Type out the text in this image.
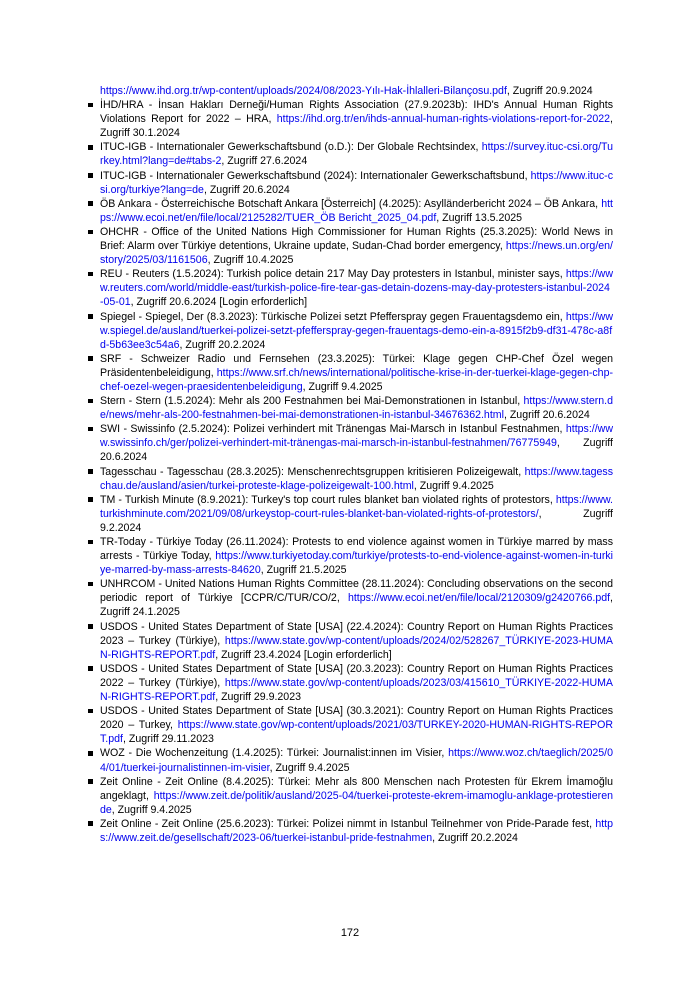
https://www.ihd.org.tr/wp-content/uploads/2024/08/2023-Yılı-Hak-İhlalleri-Bilançosu.pdf, Zugriff 20.9.2024
İHD/HRA - İnsan Hakları Derneği/Human Rights Association (27.9.2023b): IHD's Annual Human Rights Violations Report for 2022 – HRA, https://ihd.org.tr/en/ihds-annual-human-rights-violations-report-for-2022, Zugriff 30.1.2024
ITUC-IGB - Internationaler Gewerkschaftsbund (o.D.): Der Globale Rechtsindex, https://survey.ituc-csi.org/Turkey.html?lang=de#tabs-2, Zugriff 27.6.2024
ITUC-IGB - Internationaler Gewerkschaftsbund (2024): Internationaler Gewerkschaftsbund, https://www.ituc-csi.org/turkiye?lang=de, Zugriff 20.6.2024
ÖB Ankara - Österreichische Botschaft Ankara [Österreich] (4.2025): Asylländerbericht 2024 – ÖB Ankara, https://www.ecoi.net/en/file/local/2125282/TUER_ÖB Bericht_2025_04.pdf, Zugriff 13.5.2025
OHCHR - Office of the United Nations High Commissioner for Human Rights (25.3.2025): World News in Brief: Alarm over Türkiye detentions, Ukraine update, Sudan-Chad border emergency, https://news.un.org/en/story/2025/03/1161506, Zugriff 10.4.2025
REU - Reuters (1.5.2024): Turkish police detain 217 May Day protesters in Istanbul, minister says, https://www.reuters.com/world/middle-east/turkish-police-fire-tear-gas-detain-dozens-may-day-protesters-istanbul-2024-05-01, Zugriff 20.6.2024 [Login erforderlich]
Spiegel - Spiegel, Der (8.3.2023): Türkische Polizei setzt Pfefferspray gegen Frauentagsdemo ein, https://www.spiegel.de/ausland/tuerkei-polizei-setzt-pfefferspray-gegen-frauentags-demo-ein-a-8915f2b9-df31-478c-a8fd-5b63ee3c54a6, Zugriff 20.2.2024
SRF - Schweizer Radio und Fernsehen (23.3.2025): Türkei: Klage gegen CHP-Chef Özel wegen Präsidentenbeleidigung, https://www.srf.ch/news/international/politische-krise-in-der-tuerkei-klage-gegen-chp-chef-oezel-wegen-praesidentenbeleidigung, Zugriff 9.4.2025
Stern - Stern (1.5.2024): Mehr als 200 Festnahmen bei Mai-Demonstrationen in Istanbul, https://www.stern.de/news/mehr-als-200-festnahmen-bei-mai-demonstrationen-in-istanbul-34676362.html, Zugriff 20.6.2024
SWI - Swissinfo (2.5.2024): Polizei verhindert mit Tränengas Mai-Marsch in Istanbul Festnahmen, https://www.swissinfo.ch/ger/polizei-verhindert-mit-tränengas-mai-marsch-in-istanbul-festnahmen/76775949, Zugriff 20.6.2024
Tagesschau - Tagesschau (28.3.2025): Menschenrechtsgruppen kritisieren Polizeigewalt, https://www.tagesschau.de/ausland/asien/turkei-proteste-klage-polizeigewalt-100.html, Zugriff 9.4.2025
TM - Turkish Minute (8.9.2021): Turkey's top court rules blanket ban violated rights of protestors, https://www.turkishminute.com/2021/09/08/urkeystop-court-rules-blanket-ban-violated-rights-of-protestors/, Zugriff 9.2.2024
TR-Today - Türkiye Today (26.11.2024): Protests to end violence against women in Türkiye marred by mass arrests - Türkiye Today, https://www.turkiyetoday.com/turkiye/protests-to-end-violence-against-women-in-turkiye-marred-by-mass-arrests-84620, Zugriff 21.5.2025
UNHRCOM - United Nations Human Rights Committee (28.11.2024): Concluding observations on the second periodic report of Türkiye [CCPR/C/TUR/CO/2, https://www.ecoi.net/en/file/local/2120309/g2420766.pdf, Zugriff 24.1.2025
USDOS - United States Department of State [USA] (22.4.2024): Country Report on Human Rights Practices 2023 – Turkey (Türkiye), https://www.state.gov/wp-content/uploads/2024/02/528267_TÜRKIYE-2023-HUMAN-RIGHTS-REPORT.pdf, Zugriff 23.4.2024 [Login erforderlich]
USDOS - United States Department of State [USA] (20.3.2023): Country Report on Human Rights Practices 2022 – Turkey (Türkiye), https://www.state.gov/wp-content/uploads/2023/03/415610_TÜRKIYE-2022-HUMAN-RIGHTS-REPORT.pdf, Zugriff 29.9.2023
USDOS - United States Department of State [USA] (30.3.2021): Country Report on Human Rights Practices 2020 – Turkey, https://www.state.gov/wp-content/uploads/2021/03/TURKEY-2020-HUMAN-RIGHTS-REPORT.pdf, Zugriff 29.11.2023
WOZ - Die Wochenzeitung (1.4.2025): Türkei: Journalist:innen im Visier, https://www.woz.ch/taeglich/2025/04/01/tuerkei-journalistinnen-im-visier, Zugriff 9.4.2025
Zeit Online - Zeit Online (8.4.2025): Türkei: Mehr als 800 Menschen nach Protesten für Ekrem İmamoğlu angeklagt, https://www.zeit.de/politik/ausland/2025-04/tuerkei-proteste-ekrem-imamoglu-anklage-protestierende, Zugriff 9.4.2025
Zeit Online - Zeit Online (25.6.2023): Türkei: Polizei nimmt in Istanbul Teilnehmer von Pride-Parade fest, https://www.zeit.de/gesellschaft/2023-06/tuerkei-istanbul-pride-festnahmen, Zugriff 20.2.2024
172
